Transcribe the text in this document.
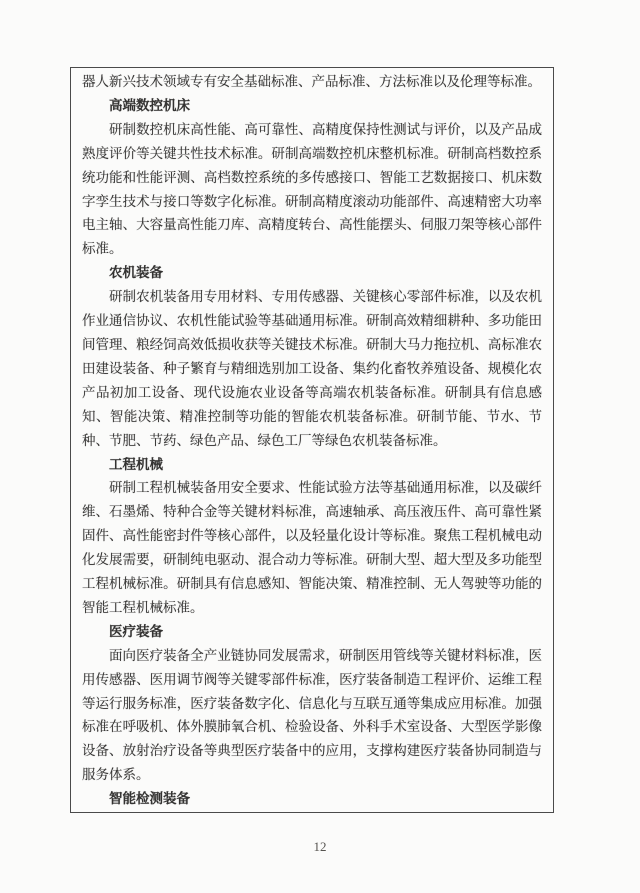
器人新兴技术领域专有安全基础标准、产品标准、方法标准以及伦理等标准。

高端数控机床

研制数控机床高性能、高可靠性、高精度保持性测试与评价，以及产品成熟度评价等关键共性技术标准。研制高端数控机床整机标准。研制高档数控系统功能和性能评测、高档数控系统的多传感接口、智能工艺数据接口、机床数字孪生技术与接口等数字化标准。研制高精度滚动功能部件、高速精密大功率电主轴、大容量高性能刀库、高精度转台、高性能摆头、伺服刀架等核心部件标准。

农机装备

研制农机装备用专用材料、专用传感器、关键核心零部件标准，以及农机作业通信协议、农机性能试验等基础通用标准。研制高效精细耕种、多功能田间管理、粮经饲高效低损收获等关键技术标准。研制大马力拖拉机、高标准农田建设装备、种子繁育与精细选别加工设备、集约化畜牧养殖设备、规模化农产品初加工设备、现代设施农业设备等高端农机装备标准。研制具有信息感知、智能决策、精准控制等功能的智能农机装备标准。研制节能、节水、节种、节肥、节药、绿色产品、绿色工厂等绿色农机装备标准。

工程机械

研制工程机械装备用安全要求、性能试验方法等基础通用标准，以及碳纤维、石墨烯、特种合金等关键材料标准，高速轴承、高压液压件、高可靠性紧固件、高性能密封件等核心部件，以及轻量化设计等标准。聚焦工程机械电动化发展需要，研制纯电驱动、混合动力等标准。研制大型、超大型及多功能型工程机械标准。研制具有信息感知、智能决策、精准控制、无人驾驶等功能的智能工程机械标准。

医疗装备

面向医疗装备全产业链协同发展需求，研制医用管线等关键材料标准，医用传感器、医用调节阀等关键零部件标准，医疗装备制造工程评价、运维工程等运行服务标准，医疗装备数字化、信息化与互联互通等集成应用标准。加强标准在呼吸机、体外膜肺氧合机、检验设备、外科手术室设备、大型医学影像设备、放射治疗设备等典型医疗装备中的应用，支撑构建医疗装备协同制造与服务体系。

智能检测装备

12
